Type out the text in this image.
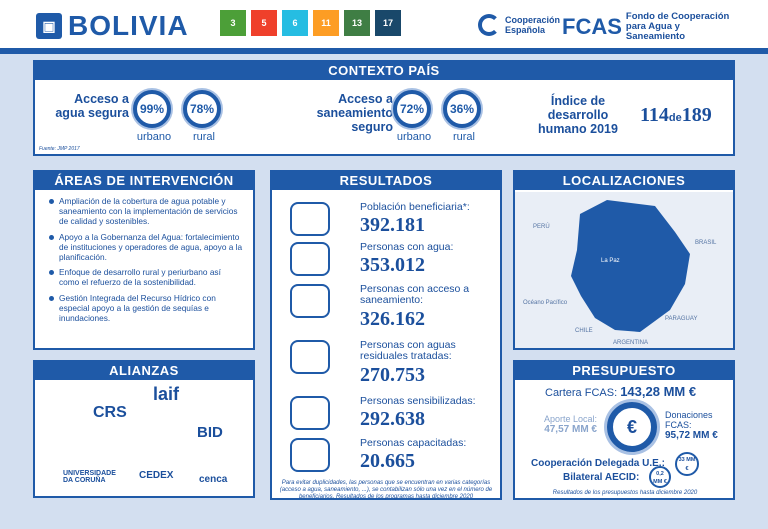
▣ BOLIVIA	3	5	6	11	13	17	Cooperación Española FCAS Fondo de Cooperación para Agua y Saneamiento
CONTEXTO PAÍS
Acceso a agua segura 99%
urbano
78%
rural
Acceso a saneamiento seguro
72%
urbano
36%
rural
Índice de desarrollo humano 2019
114de189
Fuente: JMP 2017
ÁREAS DE INTERVENCIÓN
Ampliación de la cobertura de agua potable y saneamiento con la implementación de servicios de calidad y sostenibles.
Apoyo a la Gobernanza del Agua: fortalecimiento de instituciones y operadores de agua, apoyo a la planificación.
Enfoque de desarrollo rural y periurbano así como el refuerzo de la sostenibilidad.
Gestión Integrada del Recurso Hídrico con especial apoyo a la gestión de sequías e inundaciones.
ALIANZAS
CRS
laif
BID
UNIVERSIDADE DA CORUÑA	CEDEX	cenca
RESULTADOS
Población beneficiaria*:
392.181
Personas con agua:
353.012
Personas con acceso a saneamiento:
326.162
Personas con aguas residuales tratadas:
270.753
Personas sensibilizadas:
292.638
Personas capacitadas:
20.665
Para evitar duplicidades, las personas que se encuentran en varias categorías (acceso a agua, saneamiento, ...), se contabilizan sólo una vez en el número de beneficiarios. Resultados de los programas hasta diciembre 2020
LOCALIZACIONES
BRASIL
PERÚ
La Paz
Océano Pacífico
CHILE
PARAGUAY
ARGENTINA
PRESUPUESTO
Cartera FCAS: 143,28 MM €
Aporte Local:
47,57 MM €	€
Donaciones FCAS:
95,72 MM €
Cooperación Delegada U.E.:	33 MM €
Bilateral AECID:	0,2 MM €
Resultados de los presupuestos hasta diciembre 2020
